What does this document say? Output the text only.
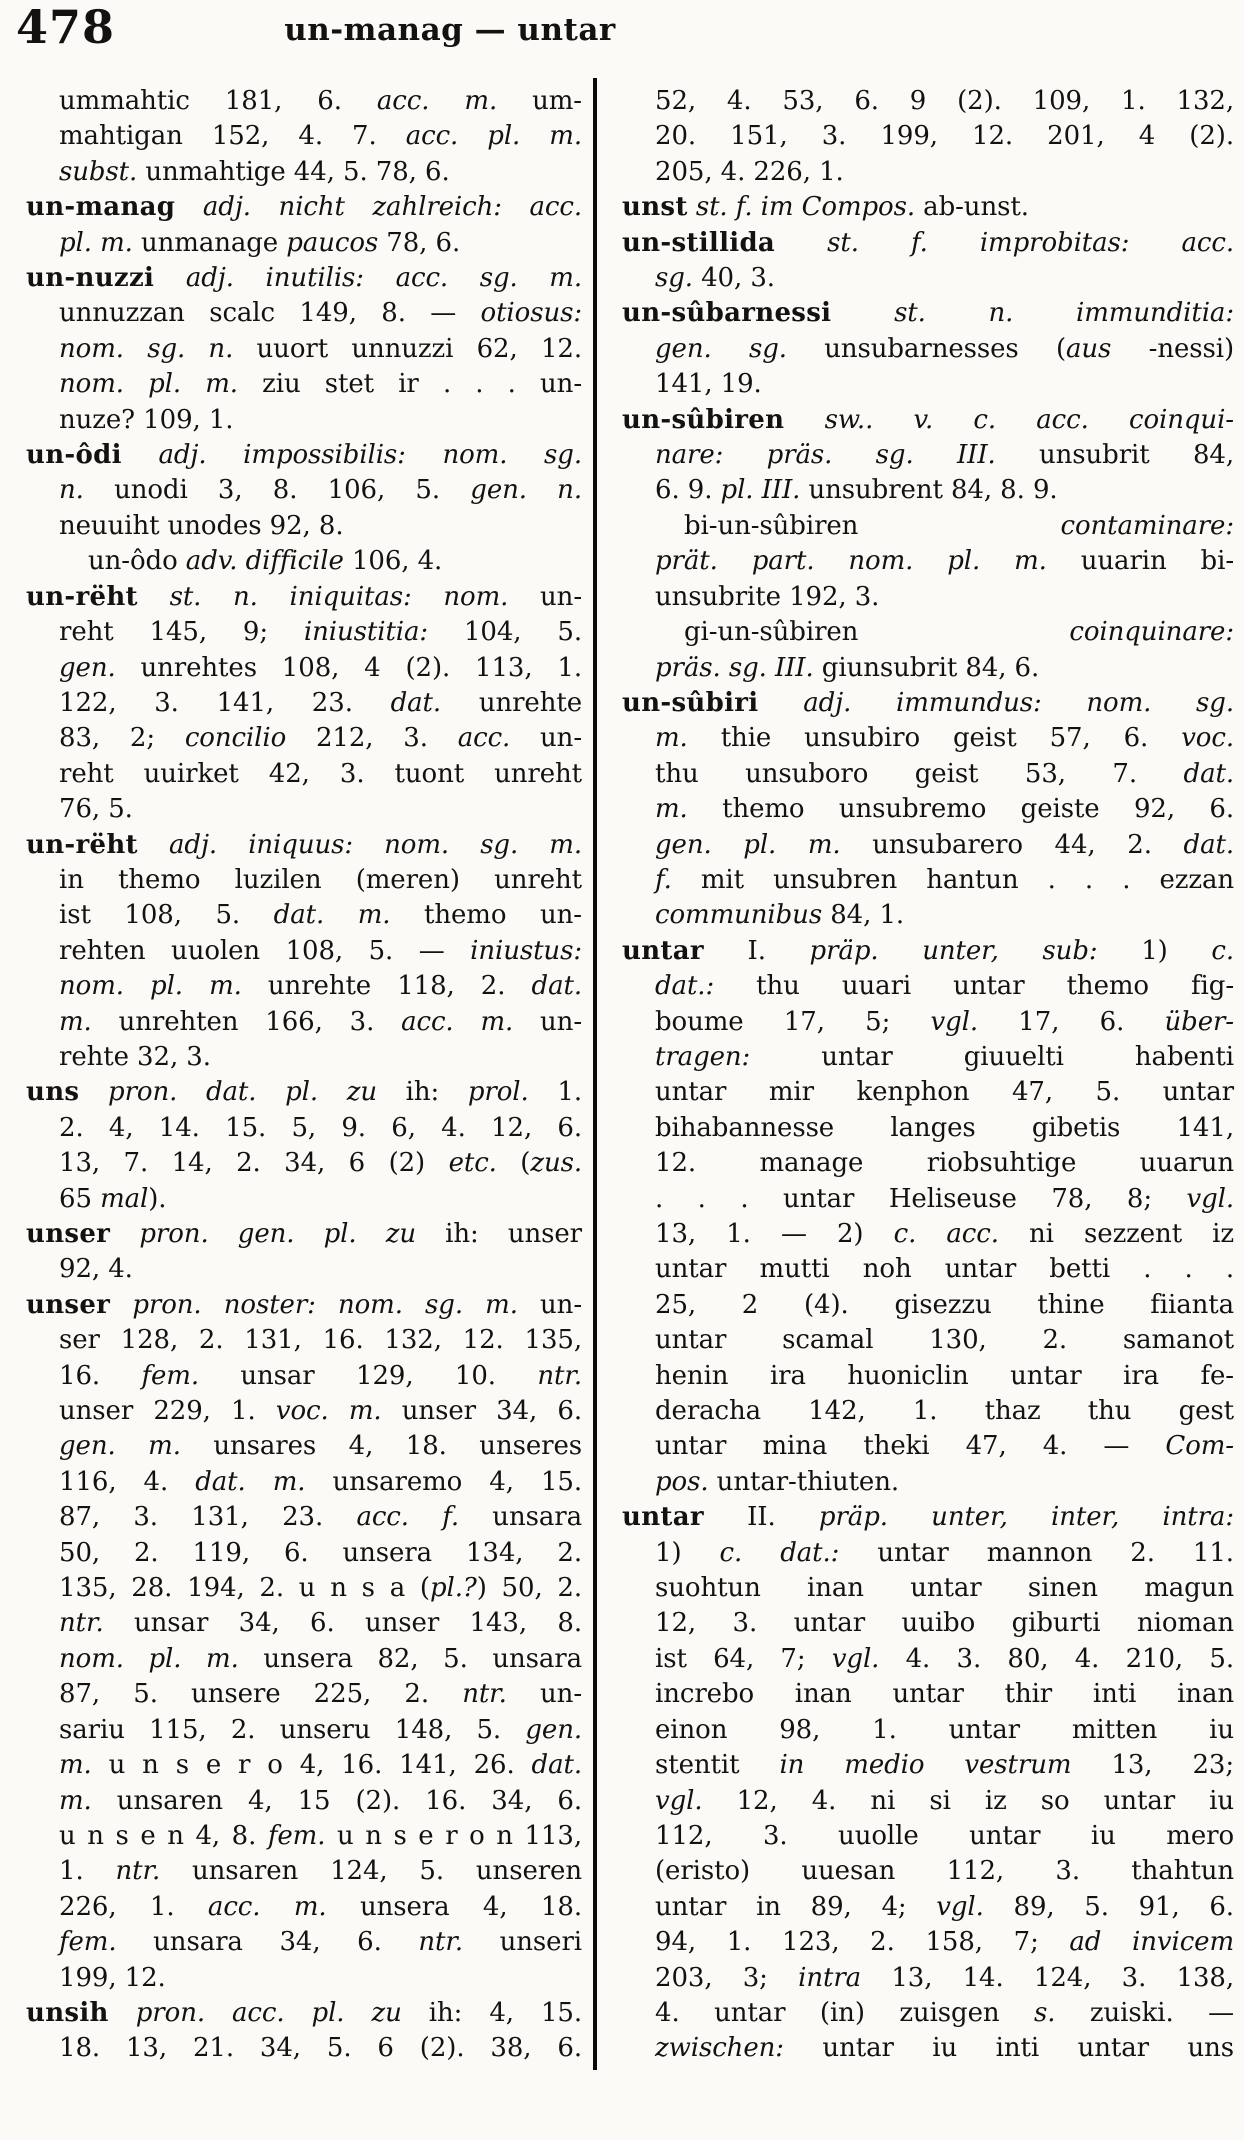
478	un-manag — untar
ummahtic 181, 6. acc. m. um-
mahtigan 152, 4. 7. acc. pl. m.
subst. unmahtige 44, 5. 78, 6.
un-manag adj. nicht zahlreich: acc.
pl. m. unmanage paucos 78, 6.
un-nuzzi adj. inutilis: acc. sg. m.
unnuzzan scalc 149, 8. — otiosus:
nom. sg. n. uuort unnuzzi 62, 12.
nom. pl. m. ziu stet ir . . . un-
nuze? 109, 1.
un-ôdi adj. impossibilis: nom. sg.
n. unodi 3, 8. 106, 5. gen. n.
neuuiht unodes 92, 8.
un-ôdo adv. difficile 106, 4.
un-rëht st. n. iniquitas: nom. un-
reht 145, 9; iniustitia: 104, 5.
gen. unrehtes 108, 4 (2). 113, 1.
122, 3. 141, 23. dat. unrehte
83, 2; concilio 212, 3. acc. un-
reht uuirket 42, 3. tuont unreht
76, 5.
un-rëht adj. iniquus: nom. sg. m.
in themo luzilen (meren) unreht
ist 108, 5. dat. m. themo un-
rehten uuolen 108, 5. — iniustus:
nom. pl. m. unrehte 118, 2. dat.
m. unrehten 166, 3. acc. m. un-
rehte 32, 3.
uns pron. dat. pl. zu ih: prol. 1.
2. 4, 14. 15. 5, 9. 6, 4. 12, 6.
13, 7. 14, 2. 34, 6 (2) etc. (zus.
65 mal).
unser pron. gen. pl. zu ih: unser
92, 4.
unser pron. noster: nom. sg. m. un-
ser 128, 2. 131, 16. 132, 12. 135,
16. fem. unsar 129, 10. ntr.
unser 229, 1. voc. m. unser 34, 6.
gen. m. unsares 4, 18. unseres
116, 4. dat. m. unsaremo 4, 15.
87, 3. 131, 23. acc. f. unsara
50, 2. 119, 6. unsera 134, 2.
135, 28. 194, 2. u n s a (pl.?) 50, 2.
ntr. unsar 34, 6. unser 143, 8.
nom. pl. m. unsera 82, 5. unsara
87, 5. unsere 225, 2. ntr. un-
sariu 115, 2. unseru 148, 5. gen.
m. u n s e r o 4, 16. 141, 26. dat.
m. unsaren 4, 15 (2). 16. 34, 6.
u n s e n 4, 8. fem. u n s e r o n 113,
1. ntr. unsaren 124, 5. unseren
226, 1. acc. m. unsera 4, 18.
fem. unsara 34, 6. ntr. unseri
199, 12.
unsih pron. acc. pl. zu ih: 4, 15.
18. 13, 21. 34, 5. 6 (2). 38, 6.
52, 4. 53, 6. 9 (2). 109, 1. 132,
20. 151, 3. 199, 12. 201, 4 (2).
205, 4. 226, 1.
unst st. f. im Compos. ab-unst.
un-stillida st. f. improbitas: acc.
sg. 40, 3.
un-sûbarnessi st. n. immunditia:
gen. sg. unsubarnesses (aus -nessi)
141, 19.
un-sûbiren sw.. v. c. acc. coinqui-
nare: präs. sg. III. unsubrit 84,
6. 9. pl. III. unsubrent 84, 8. 9.
bi-un-sûbiren contaminare:
prät. part. nom. pl. m. uuarin bi-
unsubrite 192, 3.
gi-un-sûbiren coinquinare:
präs. sg. III. giunsubrit 84, 6.
un-sûbiri adj. immundus: nom. sg.
m. thie unsubiro geist 57, 6. voc.
thu unsuboro geist 53, 7. dat.
m. themo unsubremo geiste 92, 6.
gen. pl. m. unsubarero 44, 2. dat.
f. mit unsubren hantun . . . ezzan
communibus 84, 1.
untar I. präp. unter, sub: 1) c.
dat.: thu uuari untar themo fig-
boume 17, 5; vgl. 17, 6. über-
tragen: untar giuuelti habenti
untar mir kenphon 47, 5. untar
bihabannesse langes gibetis 141,
12. manage riobsuhtige uuarun
. . . untar Heliseuse 78, 8; vgl.
13, 1. — 2) c. acc. ni sezzent iz
untar mutti noh untar betti . . .
25, 2 (4). gisezzu thine fiianta
untar scamal 130, 2. samanot
henin ira huoniclin untar ira fe-
deracha 142, 1. thaz thu gest
untar mina theki 47, 4. — Com-
pos. untar-thiuten.
untar II. präp. unter, inter, intra:
1) c. dat.: untar mannon 2. 11.
suohtun inan untar sinen magun
12, 3. untar uuibo giburti nioman
ist 64, 7; vgl. 4. 3. 80, 4. 210, 5.
increbo inan untar thir inti inan
einon 98, 1. untar mitten iu
stentit in medio vestrum 13, 23;
vgl. 12, 4. ni si iz so untar iu
112, 3. uuolle untar iu mero
(eristo) uuesan 112, 3. thahtun
untar in 89, 4; vgl. 89, 5. 91, 6.
94, 1. 123, 2. 158, 7; ad invicem
203, 3; intra 13, 14. 124, 3. 138,
4. untar (in) zuisgen s. zuiski. —
zwischen: untar iu inti untar uns
